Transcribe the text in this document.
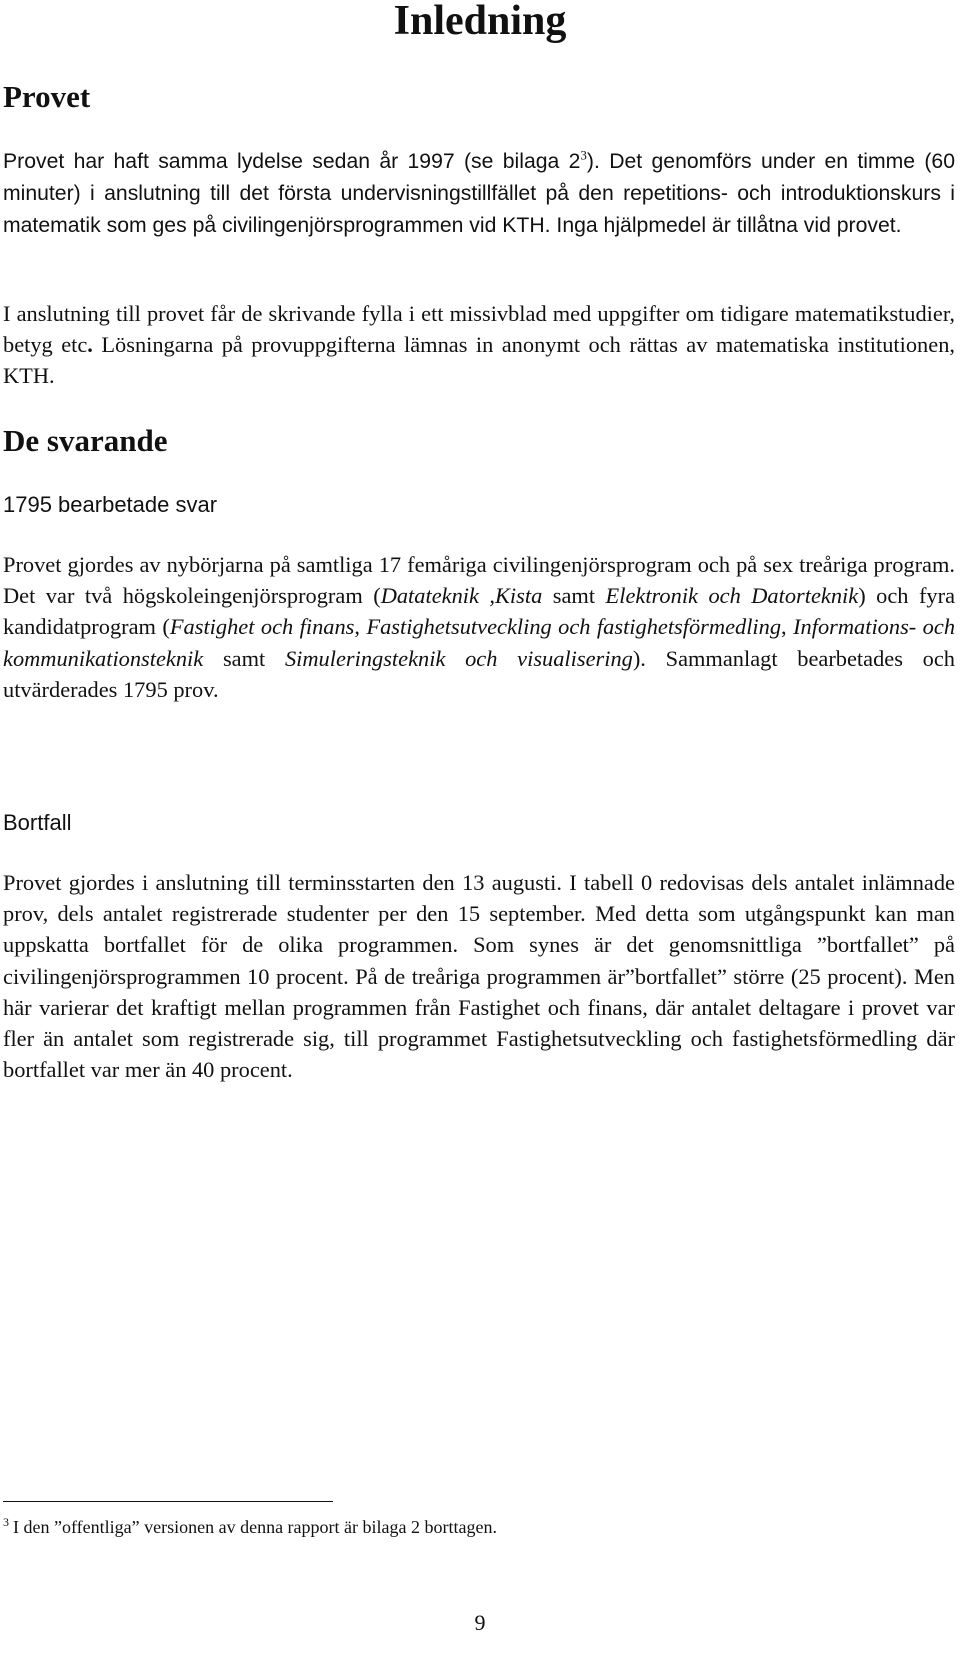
Inledning
Provet

Provet har haft samma lydelse sedan år 1997 (se bilaga $2^3$). Det genomförs under en timme (60 minuter) i anslutning till det första undervisningstillfället på den repetitions- och introduktionskurs i matematik som ges på civilingenjörsprogrammen vid KTH. Inga hjälpmedel är tillåtna vid provet.

I anslutning till provet får de skrivande fylla i ett missivblad med uppgifter om tidigare matematikstudier, betyg etc. Lösningarna på provuppgifterna lämnas in anonymt och rättas av matematiska institutionen, KTH.

De svarande
1795 bearbetade svar

Provet gjordes av nybörjarna på samtliga 17 femåriga civilingenjörsprogram och på sex treåriga program. Det var två högskoleingenjörsprogram (Datateknik ,Kista samt Elektronik och Datorteknik) och fyra kandidatprogram (Fastighet och finans, Fastighetsutveckling och fastighetsförmedling, Informations- och kommunikationsteknik samt Simuleringsteknik och visualisering). Sammanlagt bearbetades och utvärderades 1795 prov.

Bortfall

Provet gjordes i anslutning till terminsstarten den 13 augusti. I tabell 0 redovisas dels antalet inlämnade prov, dels antalet registrerade studenter per den 15 september. Med detta som utgångspunkt kan man uppskatta bortfallet för de olika programmen. Som synes är det genomsnittliga ”bortfallet” på civilingenjörsprogrammen 10 procent. På de treåriga programmen är”bortfallet” större (25 procent). Men här varierar det kraftigt mellan programmen från Fastighet och finans, där antalet deltagare i provet var fler än antalet som registrerade sig, till programmet Fastighetsutveckling och fastighetsförmedling där bortfallet var mer än 40 procent.

$^3$ I den ”offentliga” versionen av denna rapport är bilaga 2 borttagen.

9
